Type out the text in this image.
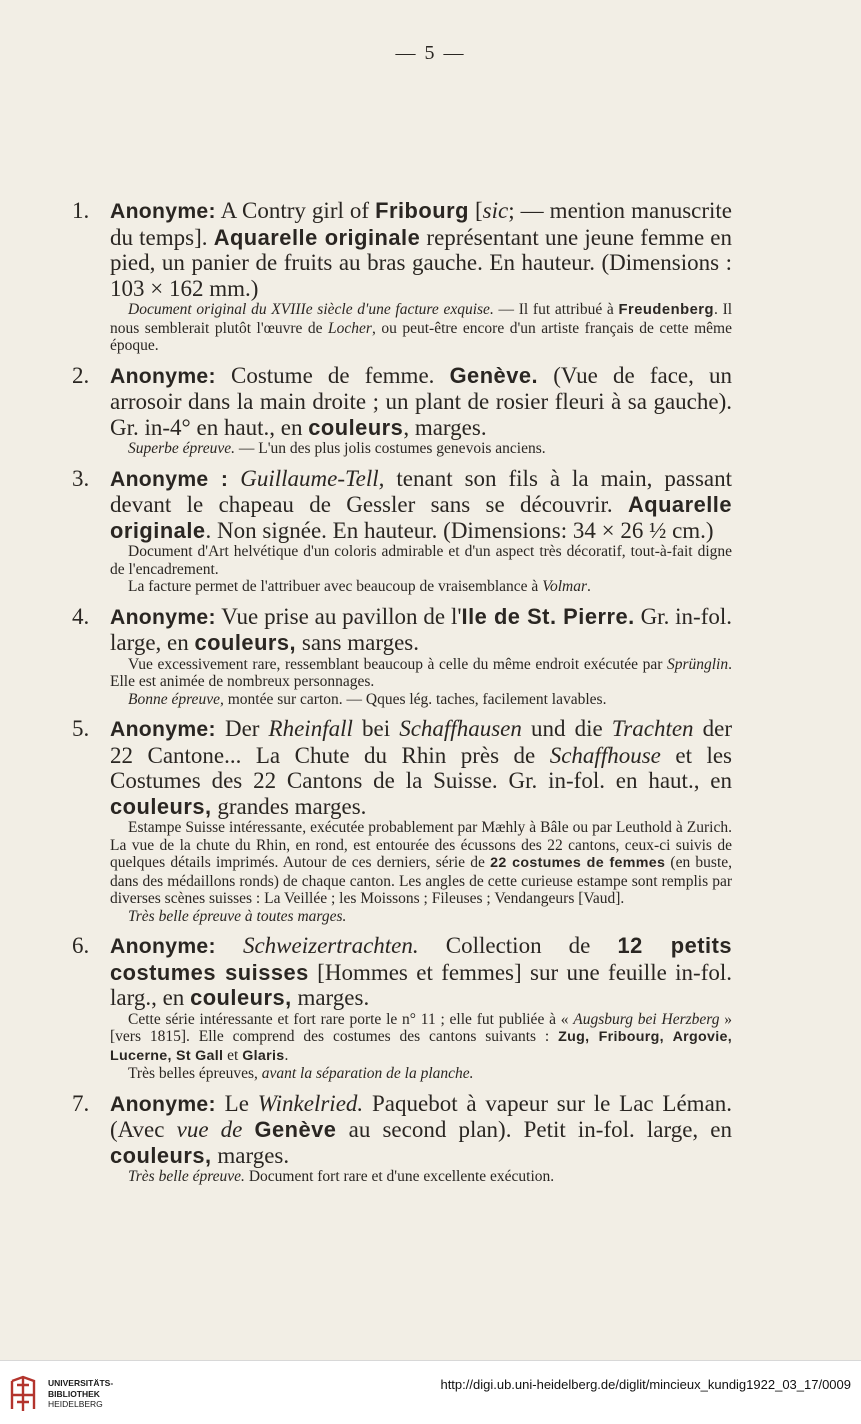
— 5 —
1. Anonyme: A Contry girl of Fribourg [sic; — mention manuscrite du temps]. Aquarelle originale représentant une jeune femme en pied, un panier de fruits au bras gauche. En hauteur. (Dimensions : 103 × 162 mm.)
Document original du XVIIIe siècle d'une facture exquise. — Il fut attribué à Freudenberg. Il nous semblerait plutôt l'œuvre de Locher, ou peut-être encore d'un artiste français de cette même époque.
2. Anonyme: Costume de femme. Genève. (Vue de face, un arrosoir dans la main droite ; un plant de rosier fleuri à sa gauche). Gr. in-4° en haut., en couleurs, marges.
Superbe épreuve. — L'un des plus jolis costumes genevois anciens.
3. Anonyme : Guillaume-Tell, tenant son fils à la main, passant devant le chapeau de Gessler sans se découvrir. Aquarelle originale. Non signée. En hauteur. (Dimensions: 34 × 26 ½ cm.)
Document d'Art helvétique d'un coloris admirable et d'un aspect très décoratif, tout-à-fait digne de l'encadrement.
La facture permet de l'attribuer avec beaucoup de vraisemblance à Volmar.
4. Anonyme: Vue prise au pavillon de l'Ile de St. Pierre. Gr. in-fol. large, en couleurs, sans marges.
Vue excessivement rare, ressemblant beaucoup à celle du même endroit exécutée par Sprünglin. Elle est animée de nombreux personnages.
Bonne épreuve, montée sur carton. — Qques lég. taches, facilement lavables.
5. Anonyme: Der Rheinfall bei Schaffhausen und die Trachten der 22 Cantone... La Chute du Rhin près de Schaffhouse et les Costumes des 22 Cantons de la Suisse. Gr. in-fol. en haut., en couleurs, grandes marges.
Estampe Suisse intéressante, exécutée probablement par Mæhly à Bâle ou par Leuthold à Zurich. La vue de la chute du Rhin, en rond, est entourée des écussons des 22 cantons, ceux-ci suivis de quelques détails imprimés. Autour de ces derniers, série de 22 costumes de femmes (en buste, dans des médaillons ronds) de chaque canton. Les angles de cette curieuse estampe sont remplis par diverses scènes suisses : La Veillée ; les Moissons ; Fileuses ; Vendangeurs [Vaud].
Très belle épreuve à toutes marges.
6. Anonyme: Schweizertrachten. Collection de 12 petits costumes suisses [Hommes et femmes] sur une feuille in-fol. larg., en couleurs, marges.
Cette série intéressante et fort rare porte le n° 11 ; elle fut publiée à « Augsburg bei Herzberg » [vers 1815]. Elle comprend des costumes des cantons suivants : Zug, Fribourg, Argovie, Lucerne, St Gall et Glaris.
Très belles épreuves, avant la séparation de la planche.
7. Anonyme: Le Winkelried. Paquebot à vapeur sur le Lac Léman. (Avec vue de Genève au second plan). Petit in-fol. large, en couleurs, marges.
Très belle épreuve. Document fort rare et d'une excellente exécution.
UNIVERSITÄTS-
BIBLIOTHEK
HEIDELBERG
http://digi.ub.uni-heidelberg.de/diglit/mincieux_kundig1922_03_17/0009
